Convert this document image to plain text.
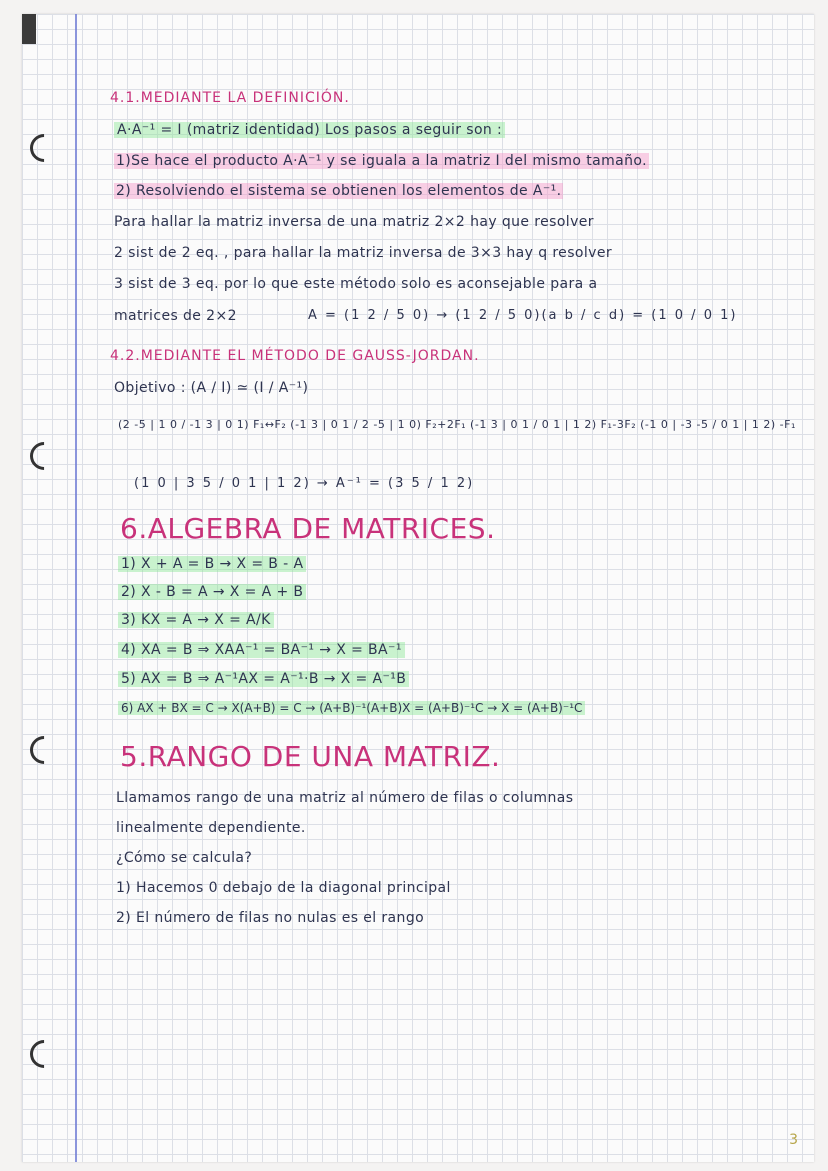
4.1.MEDIANTE LA DEFINICIÓN.
A·A⁻¹ = I (matriz identidad) Los pasos a seguir son :
1)Se hace el producto A·A⁻¹ y se iguala a la matriz I del mismo tamaño.
2) Resolviendo el sistema se obtienen los elementos de A⁻¹.
Para hallar la matriz inversa de una matriz 2×2 hay que resolver
2 sist de 2 eq. , para hallar la matriz inversa de 3×3 hay q resolver
3 sist de 3 eq. por lo que este método solo es aconsejable para a
matrices de 2×2	A = (1 2 / 5 0) → (1 2 / 5 0)(a b / c d) = (1 0 / 0 1)
4.2.MEDIANTE EL MÉTODO DE GAUSS-JORDAN.
Objetivo : (A / I) ≃ (I / A⁻¹)
(2 -5 | 1 0 / -1 3 | 0 1) F₁↔F₂ (-1 3 | 0 1 / 2 -5 | 1 0) F₂+2F₁ (-1 3 | 0 1 / 0 1 | 1 2) F₁-3F₂ (-1 0 | -3 -5 / 0 1 | 1 2) -F₁
(1 0 | 3 5 / 0 1 | 1 2) → A⁻¹ = (3 5 / 1 2)
6.ALGEBRA DE MATRICES.
1) X + A = B → X = B - A
2) X - B = A → X = A + B
3) KX = A → X = A/K
4) XA = B ⇒ XAA⁻¹ = BA⁻¹ → X = BA⁻¹
5) AX = B ⇒ A⁻¹AX = A⁻¹·B → X = A⁻¹B
6) AX + BX = C → X(A+B) = C → (A+B)⁻¹(A+B)X = (A+B)⁻¹C → X = (A+B)⁻¹C
5.RANGO DE UNA MATRIZ.
Llamamos rango de una matriz al número de filas o columnas
linealmente dependiente.
¿Cómo se calcula?
1) Hacemos 0 debajo de la diagonal principal
2) El número de filas no nulas es el rango
3
